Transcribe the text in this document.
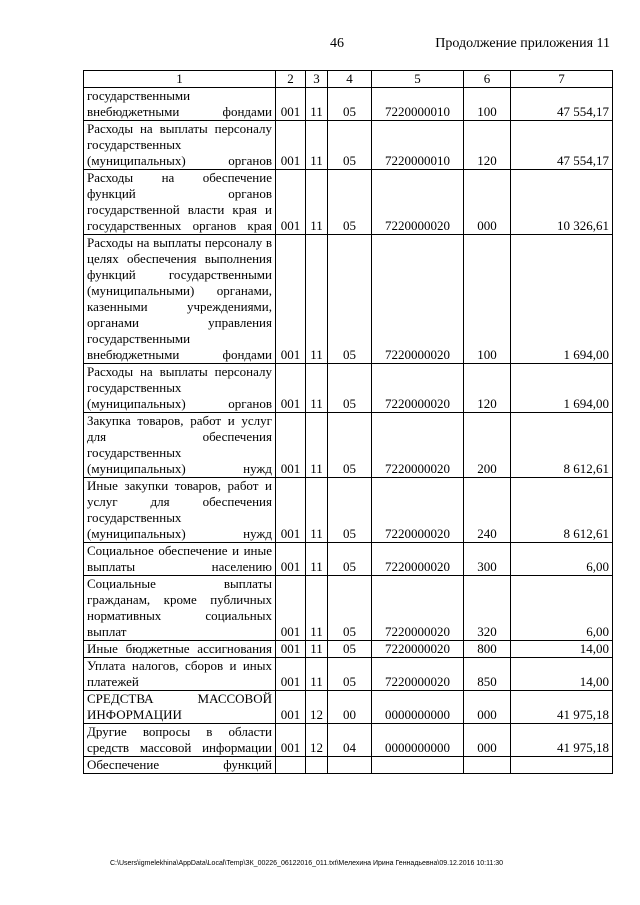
46	Продолжение приложения 11
1	2	3	4	5	6	7
государственными внебюджетными фондами	001	11	05	7220000010	100	47 554,17
Расходы на выплаты персоналу государственных (муниципальных) органов	001	11	05	7220000010	120	47 554,17
Расходы на обеспечение функций органов государственной власти края и государственных органов края	001	11	05	7220000020	000	10 326,61
Расходы на выплаты персоналу в целях обеспечения выполнения функций государственными (муниципальными) органами, казенными учреждениями, органами управления государственными внебюджетными фондами	001	11	05	7220000020	100	1 694,00
Расходы на выплаты персоналу государственных (муниципальных) органов	001	11	05	7220000020	120	1 694,00
Закупка товаров, работ и услуг для обеспечения государственных (муниципальных) нужд	001	11	05	7220000020	200	8 612,61
Иные закупки товаров, работ и услуг для обеспечения государственных (муниципальных) нужд	001	11	05	7220000020	240	8 612,61
Социальное обеспечение и иные выплаты населению	001	11	05	7220000020	300	6,00
Социальные выплаты гражданам, кроме публичных нормативных социальных выплат	001	11	05	7220000020	320	6,00
Иные бюджетные ассигнования	001	11	05	7220000020	800	14,00
Уплата налогов, сборов и иных платежей	001	11	05	7220000020	850	14,00
СРЕДСТВА МАССОВОЙ ИНФОРМАЦИИ	001	12	00	0000000000	000	41 975,18
Другие вопросы в области средств массовой информации	001	12	04	0000000000	000	41 975,18
Обеспечение функций						
C:\Users\igmelekhina\AppData\Local\Temp\ЗК_00226_06122016_011.txt\Мелехина Ирина Геннадьевна\09.12.2016 10:11:30
